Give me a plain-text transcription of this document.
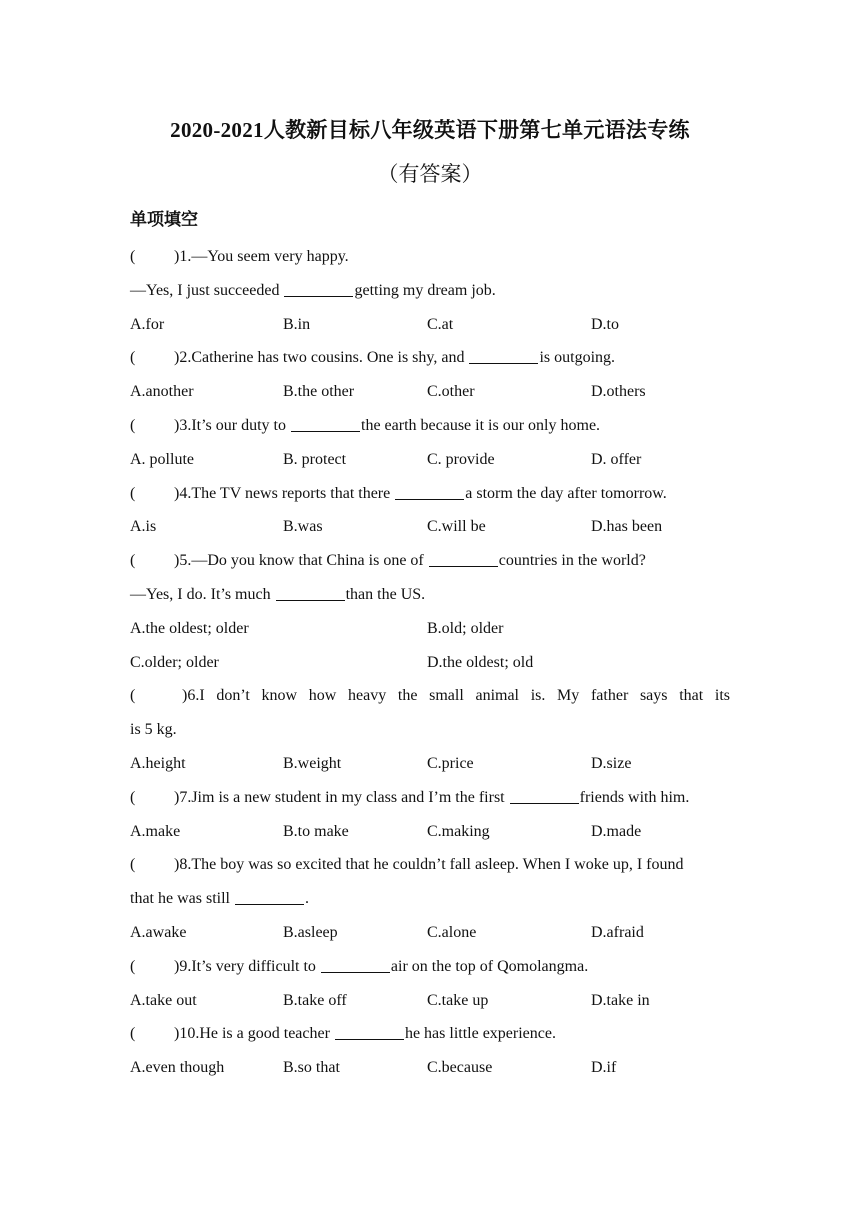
2020-2021人教新目标八年级英语下册第七单元语法专练
（有答案）
单项填空
( )1.—You seem very happy.
—Yes, I just succeeded	getting my dream job.
A.for	B.in	C.at	D.to
( )2.Catherine has two cousins. One is shy, and	is outgoing.
A.another	B.the other	C.other	D.others
( )3.It’s our duty to	the earth because it is our only home.
A. pollute	B. protect	C. provide	D. offer
( )4.The TV news reports that there	a storm the day after tomorrow.
A.is	B.was	C.will be	D.has been
( )5.—Do you know that China is one of	countries in the world?
—Yes, I do. It’s much	than the US.
A.the oldest; older	B.old; older
C.older; older	D.the oldest; old
(	) 6 . I don’t know how heavy the small animal is. My father says that its
is 5 kg.
A.height	B.weight	C.price	D.size
( )7.Jim is a new student in my class and I’m the first	friends with him.
A.make	B.to make	C.making	D.made
( )8.The boy was so excited that he couldn’t fall asleep. When I woke up, I found
that he was still	.
A.awake	B.asleep	C.alone	D.afraid
( )9.It’s very difficult to	air on the top of Qomolangma.
A.take out	B.take off	C.take up	D.take in
( )10.He is a good teacher	he has little experience.
A.even though	B.so that	C.because	D.if
